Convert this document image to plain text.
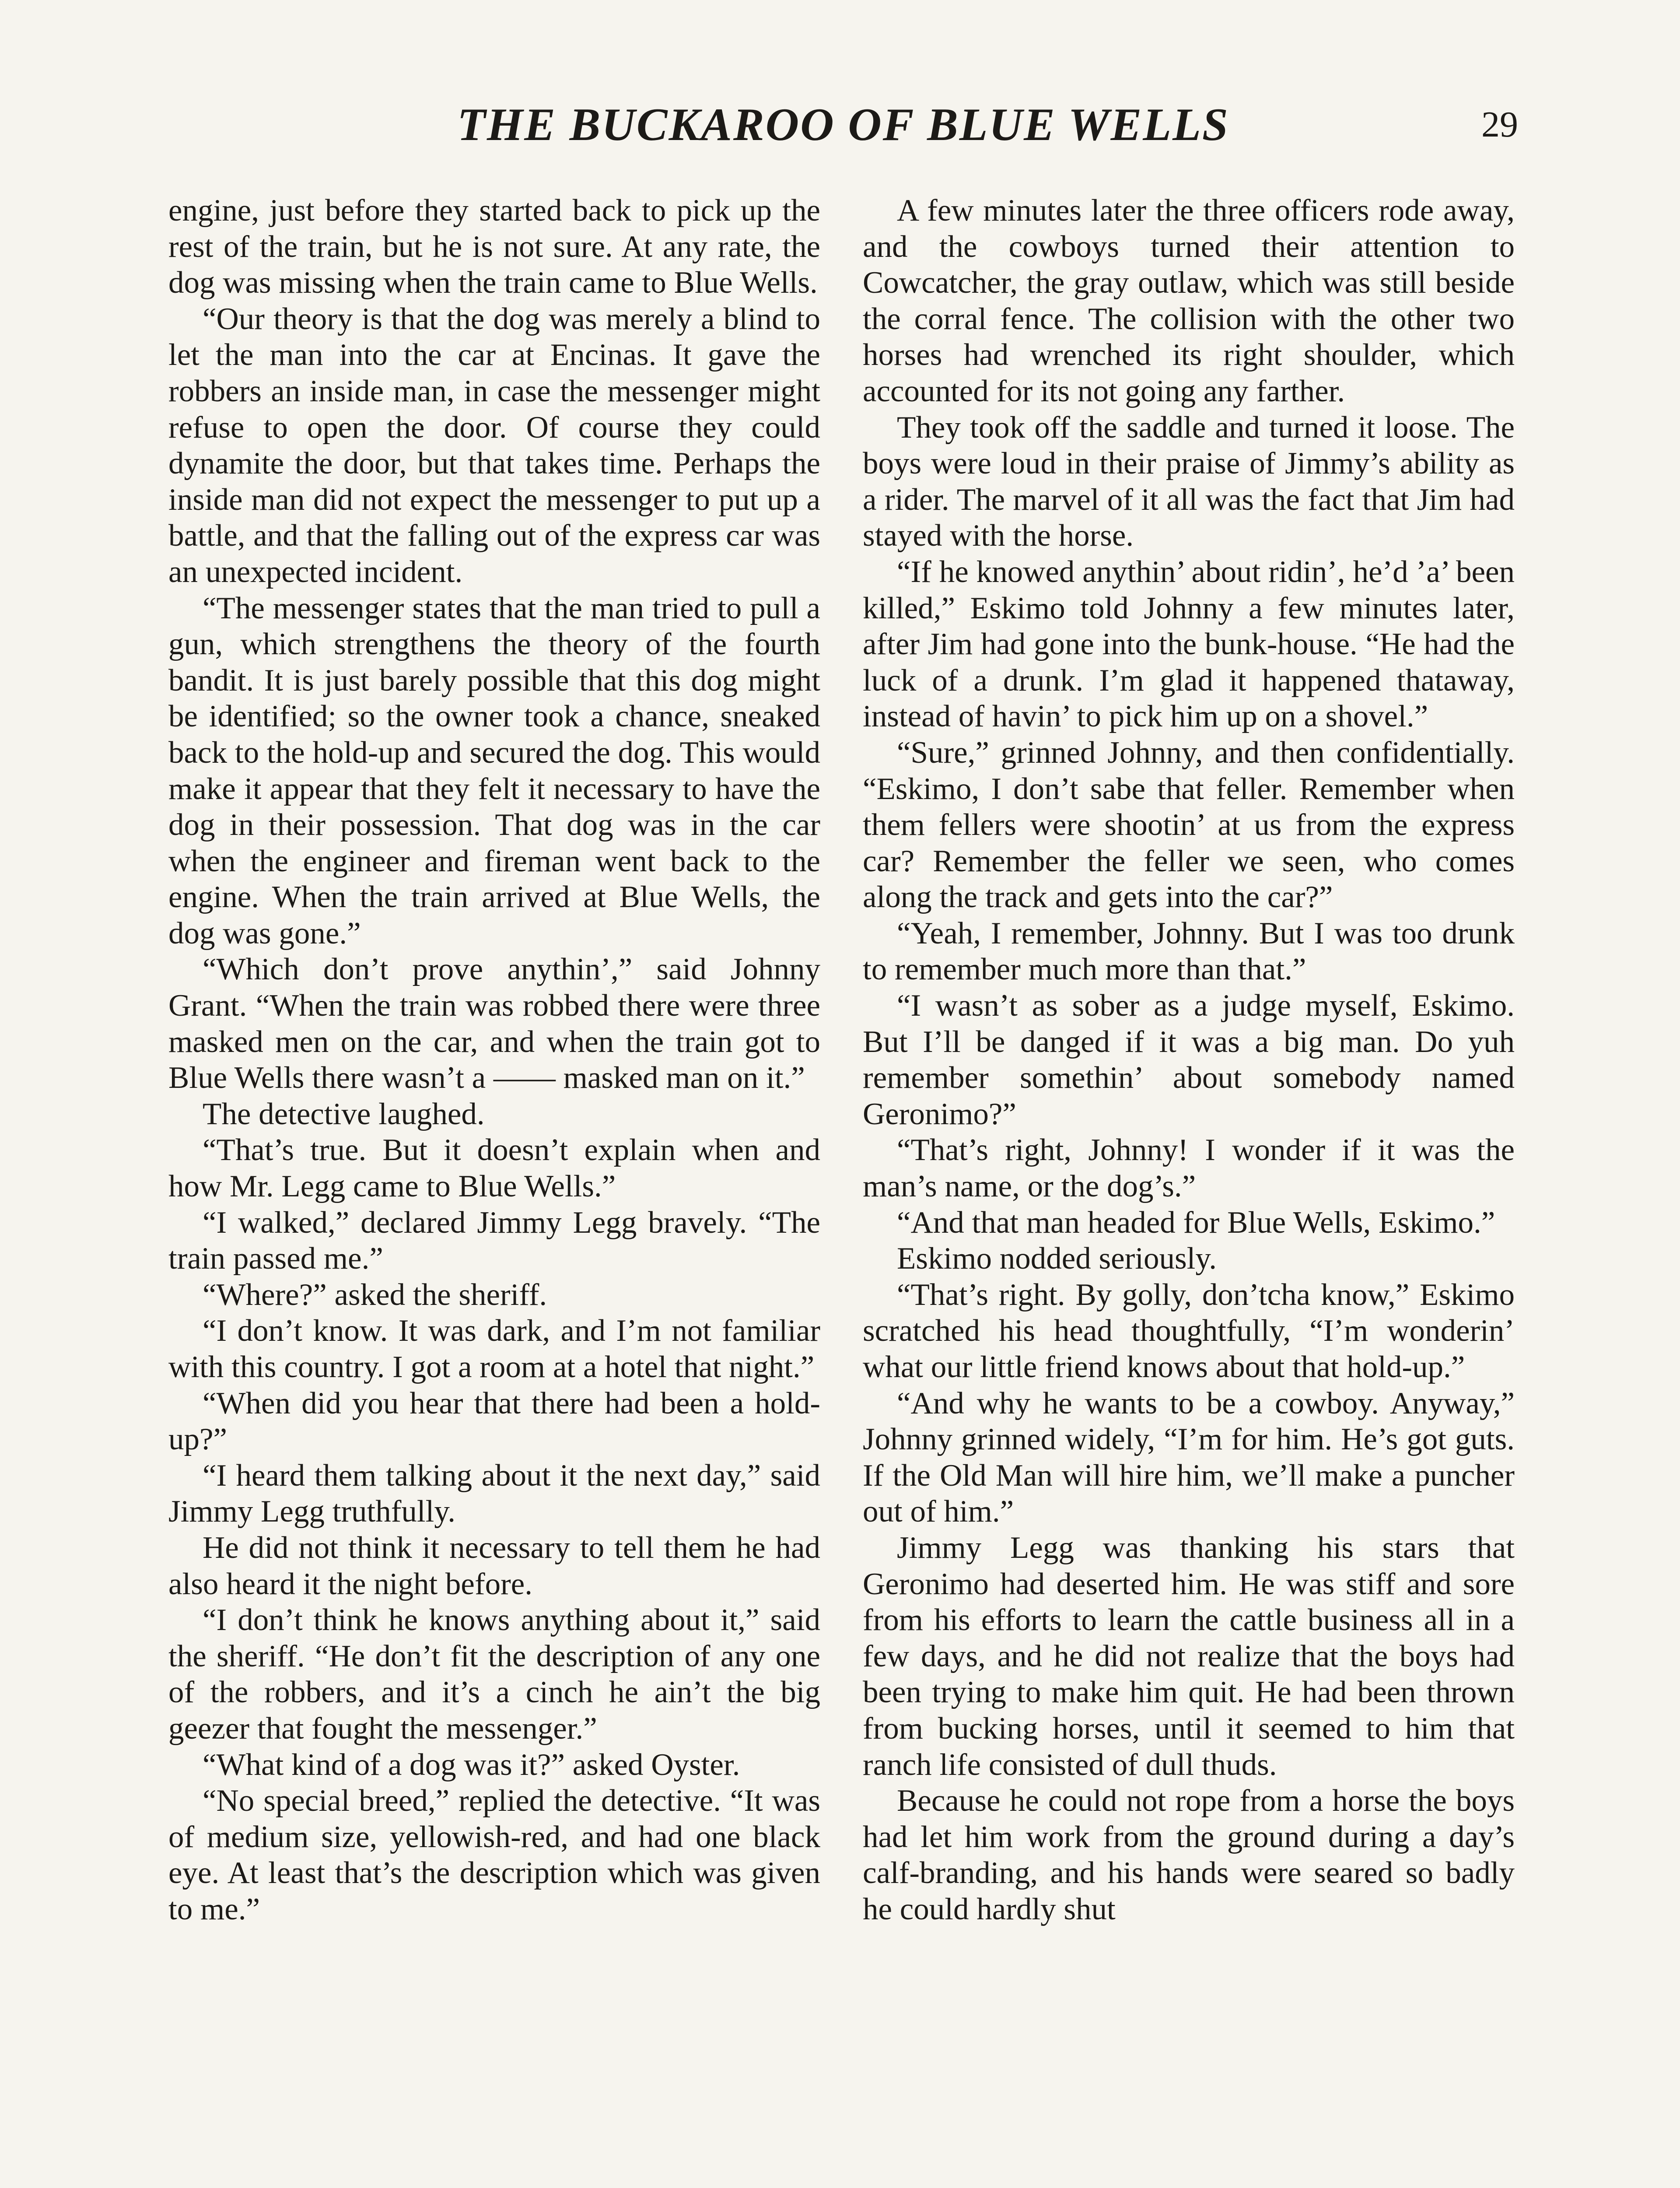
THE BUCKAROO OF BLUE WELLS	29

engine, just before they started back to pick up the rest of the train, but he is not sure. At any rate, the dog was missing when the train came to Blue Wells.

“Our theory is that the dog was merely a blind to let the man into the car at Encinas. It gave the robbers an inside man, in case the messenger might refuse to open the door. Of course they could dynamite the door, but that takes time. Perhaps the inside man did not expect the messenger to put up a battle, and that the falling out of the express car was an unexpected incident.

“The messenger states that the man tried to pull a gun, which strengthens the theory of the fourth bandit. It is just barely possible that this dog might be identified; so the owner took a chance, sneaked back to the hold-up and secured the dog. This would make it appear that they felt it necessary to have the dog in their possession. That dog was in the car when the engineer and fireman went back to the engine. When the train arrived at Blue Wells, the dog was gone.”

“Which don’t prove anythin’,” said Johnny Grant. “When the train was robbed there were three masked men on the car, and when the train got to Blue Wells there wasn’t a —— masked man on it.”

The detective laughed.

“That’s true. But it doesn’t explain when and how Mr. Legg came to Blue Wells.”

“I walked,” declared Jimmy Legg bravely. “The train passed me.”

“Where?” asked the sheriff.

“I don’t know. It was dark, and I’m not familiar with this country. I got a room at a hotel that night.”

“When did you hear that there had been a hold-up?”

“I heard them talking about it the next day,” said Jimmy Legg truthfully.

He did not think it necessary to tell them he had also heard it the night before.

“I don’t think he knows anything about it,” said the sheriff. “He don’t fit the description of any one of the robbers, and it’s a cinch he ain’t the big geezer that fought the messenger.”

“What kind of a dog was it?” asked Oyster.

“No special breed,” replied the detective. “It was of medium size, yellowish-red, and had one black eye. At least that’s the description which was given to me.”

A few minutes later the three officers rode away, and the cowboys turned their attention to Cowcatcher, the gray outlaw, which was still beside the corral fence. The collision with the other two horses had wrenched its right shoulder, which accounted for its not going any farther.

They took off the saddle and turned it loose. The boys were loud in their praise of Jimmy’s ability as a rider. The marvel of it all was the fact that Jim had stayed with the horse.

“If he knowed anythin’ about ridin’, he’d ’a’ been killed,” Eskimo told Johnny a few minutes later, after Jim had gone into the bunk-house. “He had the luck of a drunk. I’m glad it happened thataway, instead of havin’ to pick him up on a shovel.”

“Sure,” grinned Johnny, and then confidentially. “Eskimo, I don’t sabe that feller. Remember when them fellers were shootin’ at us from the express car? Remember the feller we seen, who comes along the track and gets into the car?”

“Yeah, I remember, Johnny. But I was too drunk to remember much more than that.”

“I wasn’t as sober as a judge myself, Eskimo. But I’ll be danged if it was a big man. Do yuh remember somethin’ about somebody named Geronimo?”

“That’s right, Johnny! I wonder if it was the man’s name, or the dog’s.”

“And that man headed for Blue Wells, Eskimo.”

Eskimo nodded seriously.

“That’s right. By golly, don’tcha know,” Eskimo scratched his head thoughtfully, “I’m wonderin’ what our little friend knows about that hold-up.”

“And why he wants to be a cowboy. Anyway,” Johnny grinned widely, “I’m for him. He’s got guts. If the Old Man will hire him, we’ll make a puncher out of him.”

Jimmy Legg was thanking his stars that Geronimo had deserted him. He was stiff and sore from his efforts to learn the cattle business all in a few days, and he did not realize that the boys had been trying to make him quit. He had been thrown from bucking horses, until it seemed to him that ranch life consisted of dull thuds.

Because he could not rope from a horse the boys had let him work from the ground during a day’s calf-branding, and his hands were seared so badly he could hardly shut
